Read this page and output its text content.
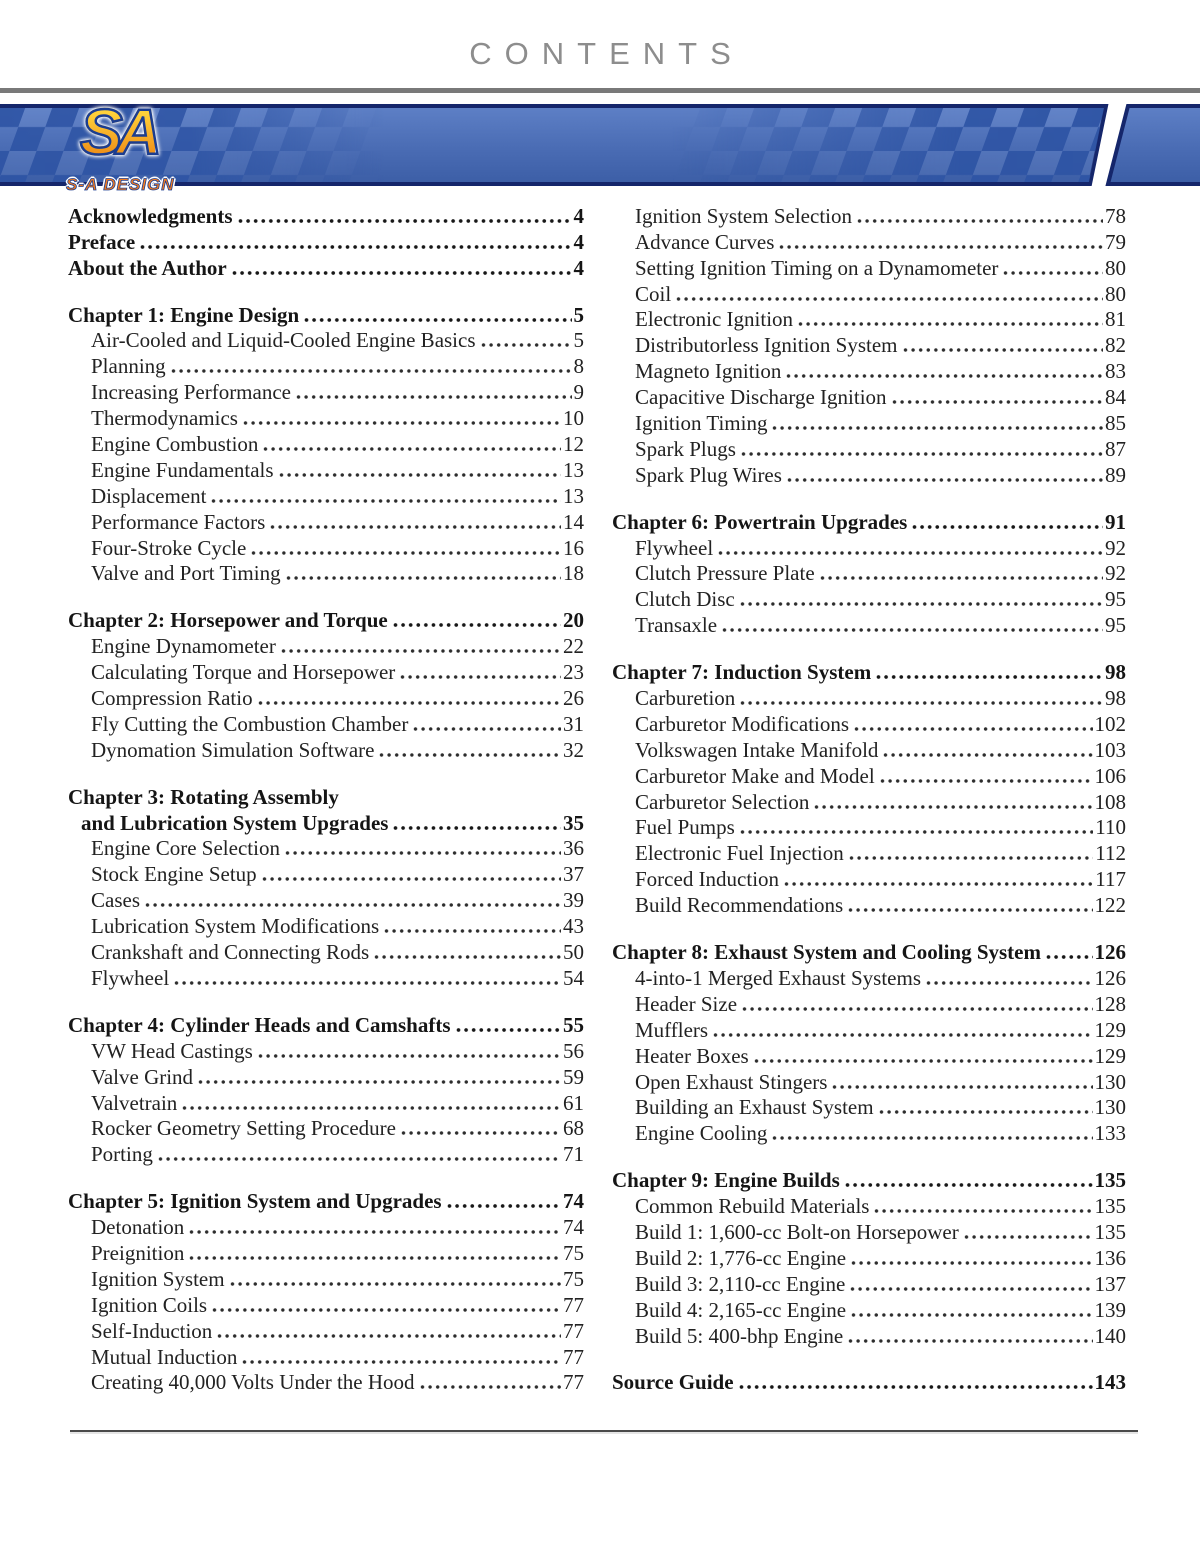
CONTENTS
SA
S-A DESIGN
Acknowledgments	4
Preface	4
About the Author	4
Chapter 1: Engine Design	5
Air-Cooled and Liquid-Cooled Engine Basics	5
Planning	8
Increasing Performance	9
Thermodynamics	10
Engine Combustion	12
Engine Fundamentals	13
Displacement	13
Performance Factors	14
Four-Stroke Cycle	16
Valve and Port Timing	18
Chapter 2: Horsepower and Torque	20
Engine Dynamometer	22
Calculating Torque and Horsepower	23
Compression Ratio	26
Fly Cutting the Combustion Chamber	31
Dynomation Simulation Software	32
Chapter 3: Rotating Assembly
and Lubrication System Upgrades	35
Engine Core Selection	36
Stock Engine Setup	37
Cases	39
Lubrication System Modifications	43
Crankshaft and Connecting Rods	50
Flywheel	54
Chapter 4: Cylinder Heads and Camshafts	55
VW Head Castings	56
Valve Grind	59
Valvetrain	61
Rocker Geometry Setting Procedure	68
Porting	71
Chapter 5: Ignition System and Upgrades	74
Detonation	74
Preignition	75
Ignition System	75
Ignition Coils	77
Self-Induction	77
Mutual Induction	77
Creating 40,000 Volts Under the Hood	77
Ignition System Selection	78
Advance Curves	79
Setting Ignition Timing on a Dynamometer	80
Coil	80
Electronic Ignition	81
Distributorless Ignition System	82
Magneto Ignition	83
Capacitive Discharge Ignition	84
Ignition Timing	85
Spark Plugs	87
Spark Plug Wires	89
Chapter 6: Powertrain Upgrades	91
Flywheel	92
Clutch Pressure Plate	92
Clutch Disc	95
Transaxle	95
Chapter 7: Induction System	98
Carburetion	98
Carburetor Modifications	102
Volkswagen Intake Manifold	103
Carburetor Make and Model	106
Carburetor Selection	108
Fuel Pumps	110
Electronic Fuel Injection	112
Forced Induction	117
Build Recommendations	122
Chapter 8: Exhaust System and Cooling System	126
4-into-1 Merged Exhaust Systems	126
Header Size	128
Mufflers	129
Heater Boxes	129
Open Exhaust Stingers	130
Building an Exhaust System	130
Engine Cooling	133
Chapter 9: Engine Builds	135
Common Rebuild Materials	135
Build 1: 1,600-cc Bolt-on Horsepower	135
Build 2: 1,776-cc Engine	136
Build 3: 2,110-cc Engine	137
Build 4: 2,165-cc Engine	139
Build 5: 400-bhp Engine	140
Source Guide	143
